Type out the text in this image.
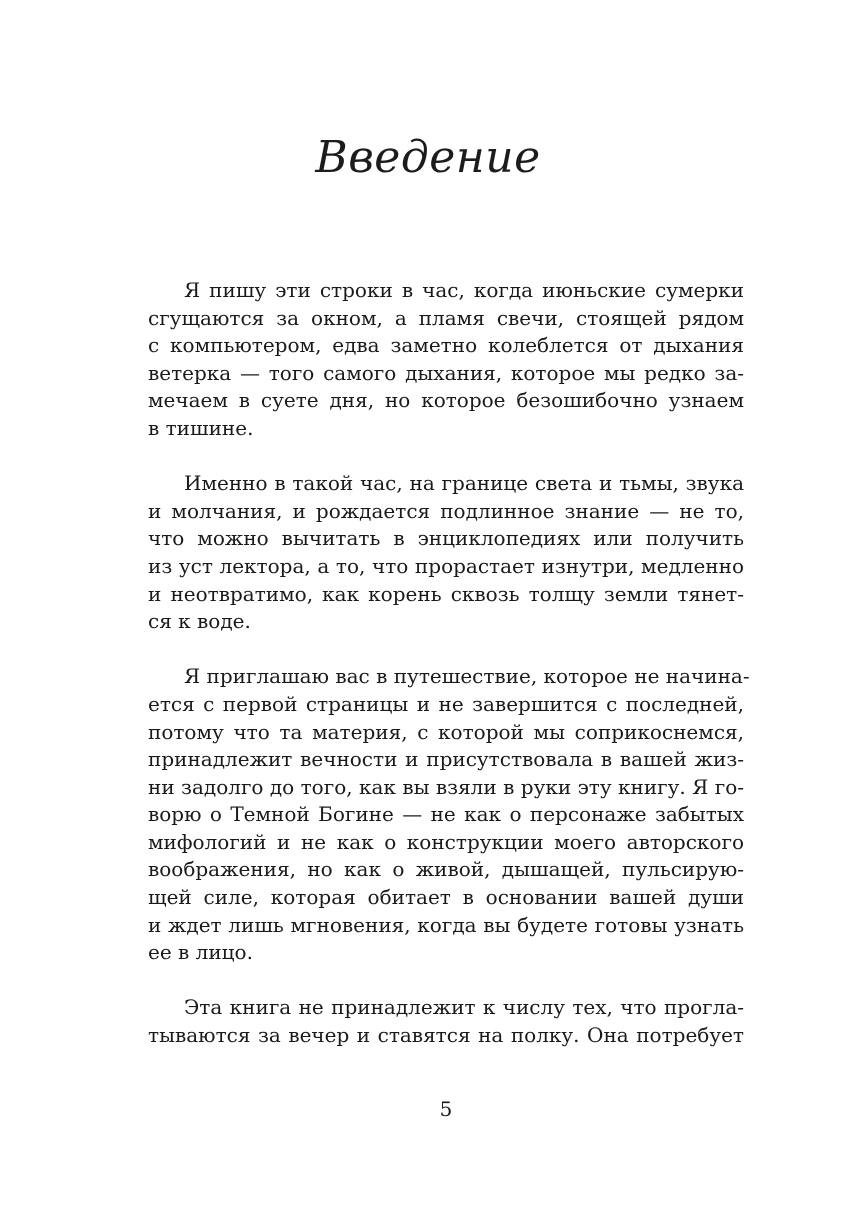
Введение

Я пишу эти строки в час, когда июньские сумерки
сгущаются за окном, а пламя свечи, стоящей рядом
с компьютером, едва заметно колеблется от дыхания
ветерка — того самого дыхания, которое мы редко за-
мечаем в суете дня, но которое безошибочно узнаем
в тишине.

Именно в такой час, на границе света и тьмы, звука
и молчания, и рождается подлинное знание — не то,
что можно вычитать в энциклопедиях или получить
из уст лектора, а то, что прорастает изнутри, медленно
и неотвратимо, как корень сквозь толщу земли тянет-
ся к воде.

Я приглашаю вас в путешествие, которое не начина-
ется с первой страницы и не завершится с последней,
потому что та материя, с которой мы соприкоснемся,
принадлежит вечности и присутствовала в вашей жиз-
ни задолго до того, как вы взяли в руки эту книгу. Я го-
ворю о Темной Богине — не как о персонаже забытых
мифологий и не как о конструкции моего авторского
воображения, но как о живой, дышащей, пульсирую-
щей силе, которая обитает в основании вашей души
и ждет лишь мгновения, когда вы будете готовы узнать
ее в лицо.

Эта книга не принадлежит к числу тех, что прогла-
тываются за вечер и ставятся на полку. Она потребует

5
